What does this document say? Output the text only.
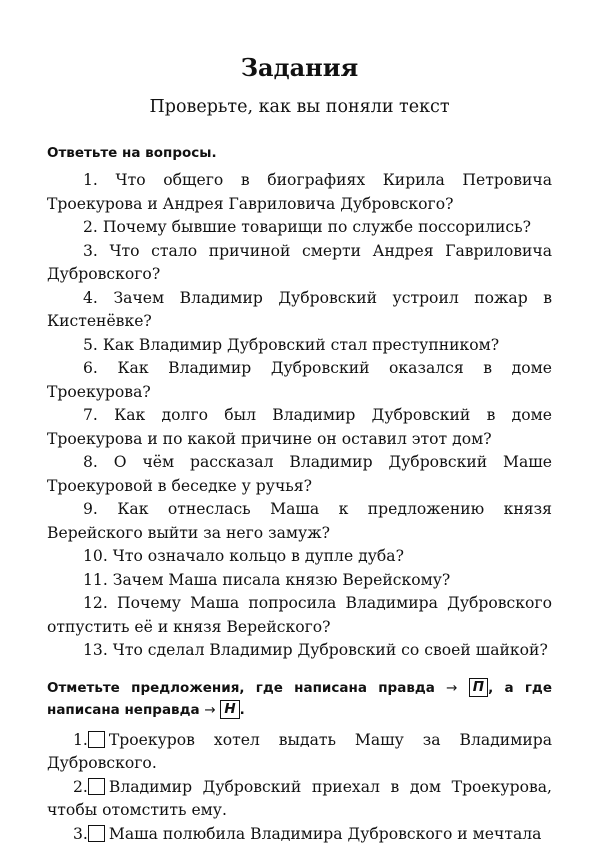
Задания
Проверьте, как вы поняли текст
Ответьте на вопросы.
1. Что общего в биографиях Кирила Петровича Троекурова и Андрея Гавриловича Дубровского?
2. Почему бывшие товарищи по службе поссорились?
3. Что стало причиной смерти Андрея Гавриловича Дубровского?
4. Зачем Владимир Дубровский устроил пожар в Кистенёвке?
5. Как Владимир Дубровский стал преступником?
6. Как Владимир Дубровский оказался в доме Троекурова?
7. Как долго был Владимир Дубровский в доме Троекурова и по какой причине он оставил этот дом?
8. О чём рассказал Владимир Дубровский Маше Троекуровой в беседке у ручья?
9. Как отнеслась Маша к предложению князя Верейского выйти за него замуж?
10. Что означало кольцо в дупле дуба?
11. Зачем Маша писала князю Верейскому?
12. Почему Маша попросила Владимира Дубровского отпустить её и князя Верейского?
13. Что сделал Владимир Дубровский со своей шайкой?
Отметьте предложения, где написана правда → П , а где написана неправда → Н .
1. Троекуров хотел выдать Машу за Владимира Дубровского.
2. Владимир Дубровский приехал в дом Троекурова, чтобы отомстить ему.
3. Маша полюбила Владимира Дубровского и мечтала
